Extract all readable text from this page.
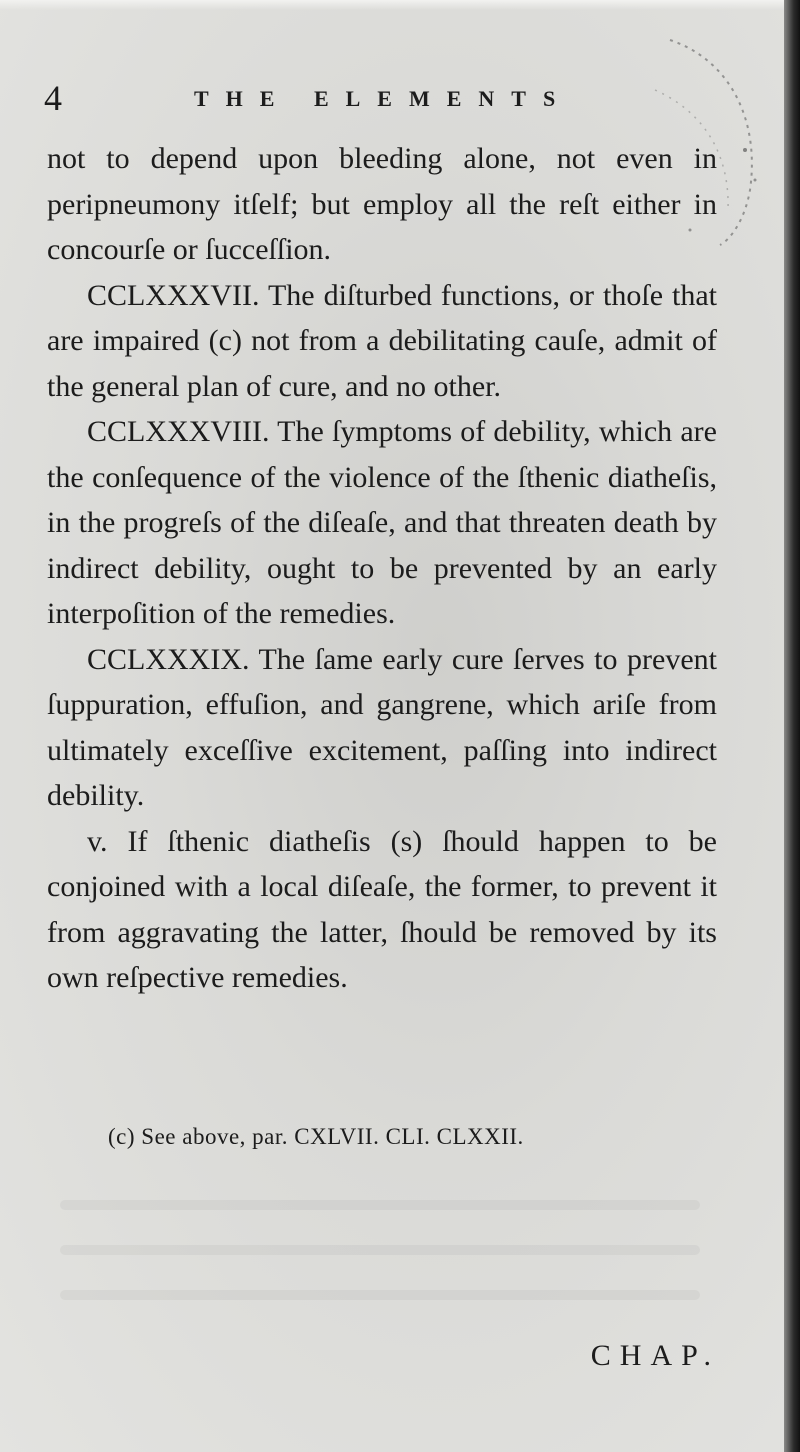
4	THE ELEMENTS

not to depend upon bleeding alone, not even in peripneumony itſelf; but employ all the reſt either in concourſe or ſucceſſion.

CCLXXXVII. The diſturbed functions, or thoſe that are impaired (c) not from a debilitating cauſe, admit of the general plan of cure, and no other.

CCLXXXVIII. The ſymptoms of debility, which are the conſequence of the violence of the ſthenic diatheſis, in the progreſs of the diſeaſe, and that threaten death by indirect debility, ought to be prevented by an early interpoſition of the remedies.

CCLXXXIX. The ſame early cure ſerves to prevent ſuppuration, effuſion, and gangrene, which ariſe from ultimately exceſſive excitement, paſſing into indirect debility.

v. If ſthenic diatheſis (s) ſhould happen to be conjoined with a local diſeaſe, the former, to prevent it from aggravating the latter, ſhould be removed by its own reſpective remedies.

(c) See above, par. CXLVII. CLI. CLXXII.
CHAP.
